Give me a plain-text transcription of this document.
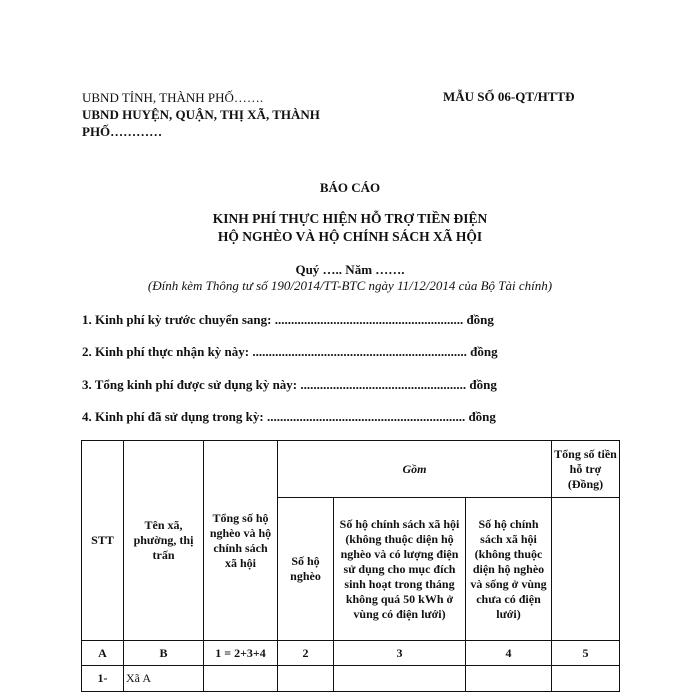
UBND TỈNH, THÀNH PHỐ…….
UBND HUYỆN, QUẬN, THỊ XÃ, THÀNH PHỐ…………
MẪU SỐ 06-QT/HTTĐ
BÁO CÁO
KINH PHÍ THỰC HIỆN HỖ TRỢ TIỀN ĐIỆN
HỘ NGHÈO VÀ HỘ CHÍNH SÁCH XÃ HỘI
Quý ….. Năm …….
(Đính kèm Thông tư số 190/2014/TT-BTC ngày 11/12/2014 của Bộ Tài chính)
1. Kinh phí kỳ trước chuyển sang: .......................................................... đồng
2. Kinh phí thực nhận kỳ này: .................................................................. đồng
3. Tổng kinh phí được sử dụng kỳ này: ................................................... đồng
4. Kinh phí đã sử dụng trong kỳ: ............................................................. đồng
STT	Tên xã, phường, thị trấn	Tổng số hộ nghèo và hộ chính sách xã hội	Gồm			Tổng số tiền hỗ trợ (Đồng)
			Số hộ nghèo	Số hộ chính sách xã hội (không thuộc diện hộ nghèo và có lượng điện sử dụng cho mục đích sinh hoạt trong tháng không quá 50 kWh ở vùng có điện lưới)	Số hộ chính sách xã hội (không thuộc diện hộ nghèo và sống ở vùng chưa có điện lưới)	
A	B	1 = 2+3+4	2	3	4	5
1-	Xã A					
